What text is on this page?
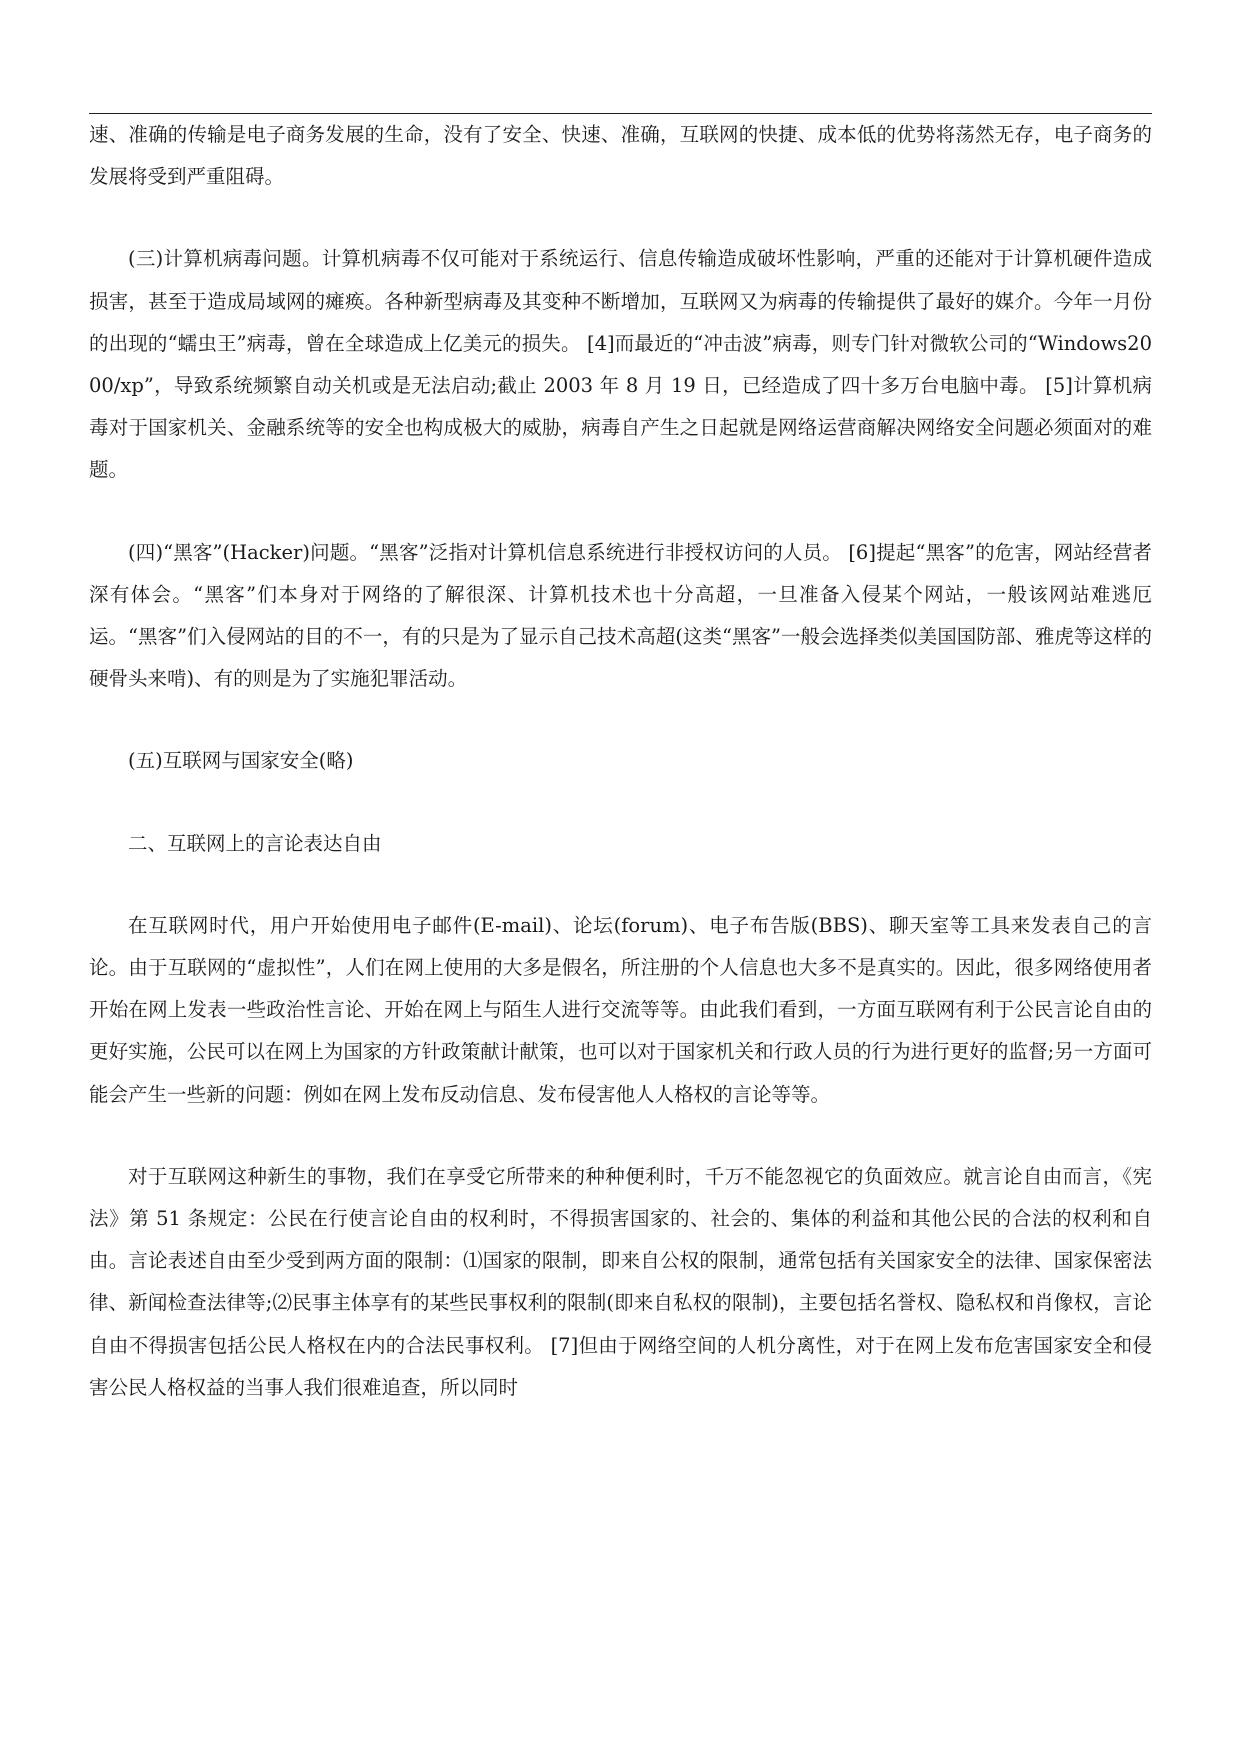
速、准确的传输是电子商务发展的生命，没有了安全、快速、准确，互联网的快捷、成本低的优势将荡然无存，电子商务的发展将受到严重阻碍。

(三)计算机病毒问题。计算机病毒不仅可能对于系统运行、信息传输造成破坏性影响，严重的还能对于计算机硬件造成损害，甚至于造成局域网的瘫痪。各种新型病毒及其变种不断增加，互联网又为病毒的传输提供了最好的媒介。今年一月份的出现的“蠕虫王”病毒，曾在全球造成上亿美元的损失。 [4]而最近的“冲击波”病毒，则专门针对微软公司的“Windows2000/xp”，导致系统频繁自动关机或是无法启动;截止 2003 年 8 月 19 日，已经造成了四十多万台电脑中毒。 [5]计算机病毒对于国家机关、金融系统等的安全也构成极大的威胁，病毒自产生之日起就是网络运营商解决网络安全问题必须面对的难题。

(四)“黑客”(Hacker)问题。“黑客”泛指对计算机信息系统进行非授权访问的人员。 [6]提起“黑客”的危害，网站经营者深有体会。“黑客”们本身对于网络的了解很深、计算机技术也十分高超，一旦准备入侵某个网站，一般该网站难逃厄运。“黑客”们入侵网站的目的不一，有的只是为了显示自己技术高超(这类“黑客”一般会选择类似美国国防部、雅虎等这样的硬骨头来啃)、有的则是为了实施犯罪活动。

(五)互联网与国家安全(略)

二、互联网上的言论表达自由

在互联网时代，用户开始使用电子邮件(E-mail)、论坛(forum)、电子布告版(BBS)、聊天室等工具来发表自己的言论。由于互联网的“虚拟性”，人们在网上使用的大多是假名，所注册的个人信息也大多不是真实的。因此，很多网络使用者开始在网上发表一些政治性言论、开始在网上与陌生人进行交流等等。由此我们看到，一方面互联网有利于公民言论自由的更好实施，公民可以在网上为国家的方针政策献计献策，也可以对于国家机关和行政人员的行为进行更好的监督;另一方面可能会产生一些新的问题：例如在网上发布反动信息、发布侵害他人人格权的言论等等。

对于互联网这种新生的事物，我们在享受它所带来的种种便利时，千万不能忽视它的负面效应。就言论自由而言，《宪法》第 51 条规定：公民在行使言论自由的权利时，不得损害国家的、社会的、集体的利益和其他公民的合法的权利和自由。言论表述自由至少受到两方面的限制：⑴国家的限制，即来自公权的限制，通常包括有关国家安全的法律、国家保密法律、新闻检查法律等;⑵民事主体享有的某些民事权利的限制(即来自私权的限制)，主要包括名誉权、隐私权和肖像权，言论自由不得损害包括公民人格权在内的合法民事权利。 [7]但由于网络空间的人机分离性，对于在网上发布危害国家安全和侵害公民人格权益的当事人我们很难追查，所以同时
